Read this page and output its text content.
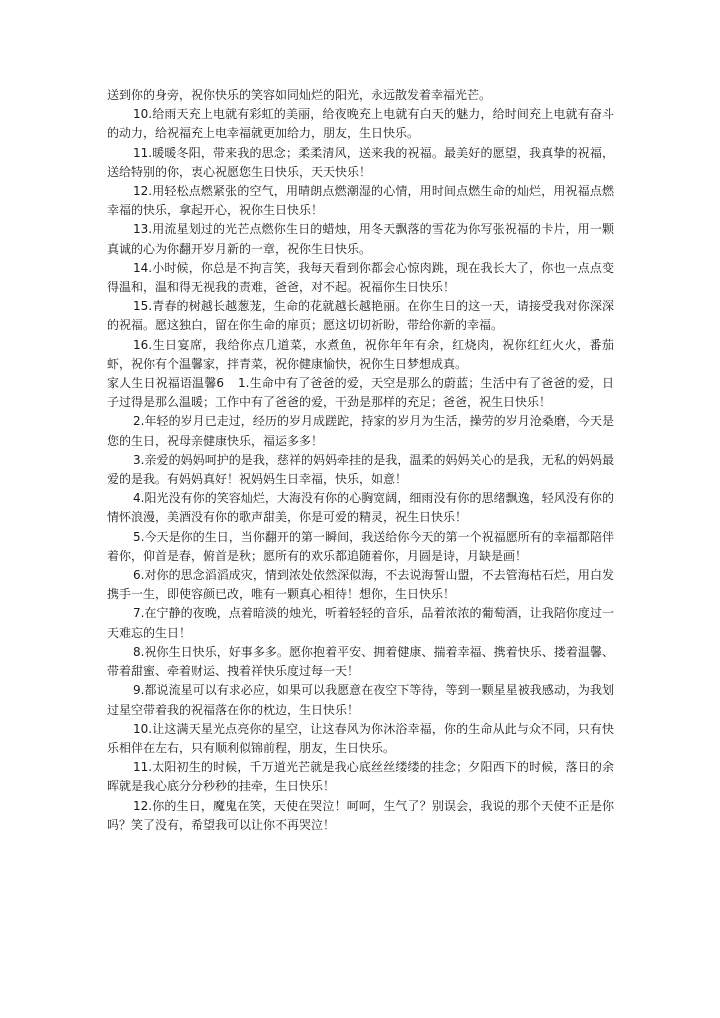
送到你的身旁，祝你快乐的笑容如同灿烂的阳光，永远散发着幸福光芒。

10.给雨天充上电就有彩虹的美丽，给夜晚充上电就有白天的魅力，给时间充上电就有奋斗的动力，给祝福充上电幸福就更加给力，朋友，生日快乐。

11.暖暖冬阳，带来我的思念；柔柔清风，送来我的祝福。最美好的愿望，我真挚的祝福，送给特别的你，衷心祝愿您生日快乐，天天快乐！

12.用轻松点燃紧张的空气，用晴朗点燃潮湿的心情，用时间点燃生命的灿烂，用祝福点燃幸福的快乐，拿起开心，祝你生日快乐！

13.用流星划过的光芒点燃你生日的蜡烛，用冬天飘落的雪花为你写张祝福的卡片，用一颗真诚的心为你翻开岁月新的一章，祝你生日快乐。

14.小时候，你总是不拘言笑，我每天看到你都会心惊肉跳，现在我长大了，你也一点点变得温和，温和得无视我的责难，爸爸，对不起。祝福你生日快乐！

15.青春的树越长越葱茏，生命的花就越长越艳丽。在你生日的这一天，请接受我对你深深的祝福。愿这独白，留在你生命的扉页；愿这切切祈盼，带给你新的幸福。

16.生日宴席，我给你点几道菜，水煮鱼，祝你年年有余，红烧肉，祝你红红火火，番茄虾，祝你有个温馨家，拌青菜，祝你健康愉快，祝你生日梦想成真。

家人生日祝福语温馨6 1.生命中有了爸爸的爱，天空是那么的蔚蓝；生活中有了爸爸的爱，日子过得是那么温暖；工作中有了爸爸的爱，干劲是那样的充足；爸爸，祝生日快乐！

2.年轻的岁月已走过，经历的岁月成蹉跎，持家的岁月为生活，操劳的岁月沧桑磨，今天是您的生日，祝母亲健康快乐，福运多多！

3.亲爱的妈妈呵护的是我，慈祥的妈妈牵挂的是我，温柔的妈妈关心的是我，无私的妈妈最爱的是我。有妈妈真好！祝妈妈生日幸福，快乐，如意！

4.阳光没有你的笑容灿烂，大海没有你的心胸宽阔，细雨没有你的思绪飘逸，轻风没有你的情怀浪漫，美酒没有你的歌声甜美，你是可爱的精灵，祝生日快乐！

5.今天是你的生日，当你翻开的第一瞬间，我送给你今天的第一个祝福愿所有的幸福都陪伴着你，仰首是春，俯首是秋；愿所有的欢乐都追随着你，月圆是诗，月缺是画！

6.对你的思念滔滔成灾，情到浓处依然深似海，不去说海誓山盟，不去管海枯石烂，用白发携手一生，即使容颜已改，唯有一颗真心相待！想你，生日快乐！

7.在宁静的夜晚，点着暗淡的烛光，听着轻轻的音乐，品着浓浓的葡萄酒，让我陪你度过一天难忘的生日！

8.祝你生日快乐，好事多多。愿你抱着平安、拥着健康、揣着幸福、携着快乐、搂着温馨、带着甜蜜、牵着财运、拽着祥快乐度过每一天！

9.都说流星可以有求必应，如果可以我愿意在夜空下等待，等到一颗星星被我感动，为我划过星空带着我的祝福落在你的枕边，生日快乐！

10.让这满天星光点亮你的星空，让这春风为你沐浴幸福，你的生命从此与众不同，只有快乐相伴在左右，只有顺利似锦前程，朋友，生日快乐。

11.太阳初生的时候，千万道光芒就是我心底丝丝缕缕的挂念；夕阳西下的时候，落日的余晖就是我心底分分秒秒的挂牵，生日快乐！

12.你的生日，魔鬼在笑，天使在哭泣！呵呵，生气了？别误会，我说的那个天使不正是你吗？笑了没有，希望我可以让你不再哭泣！
